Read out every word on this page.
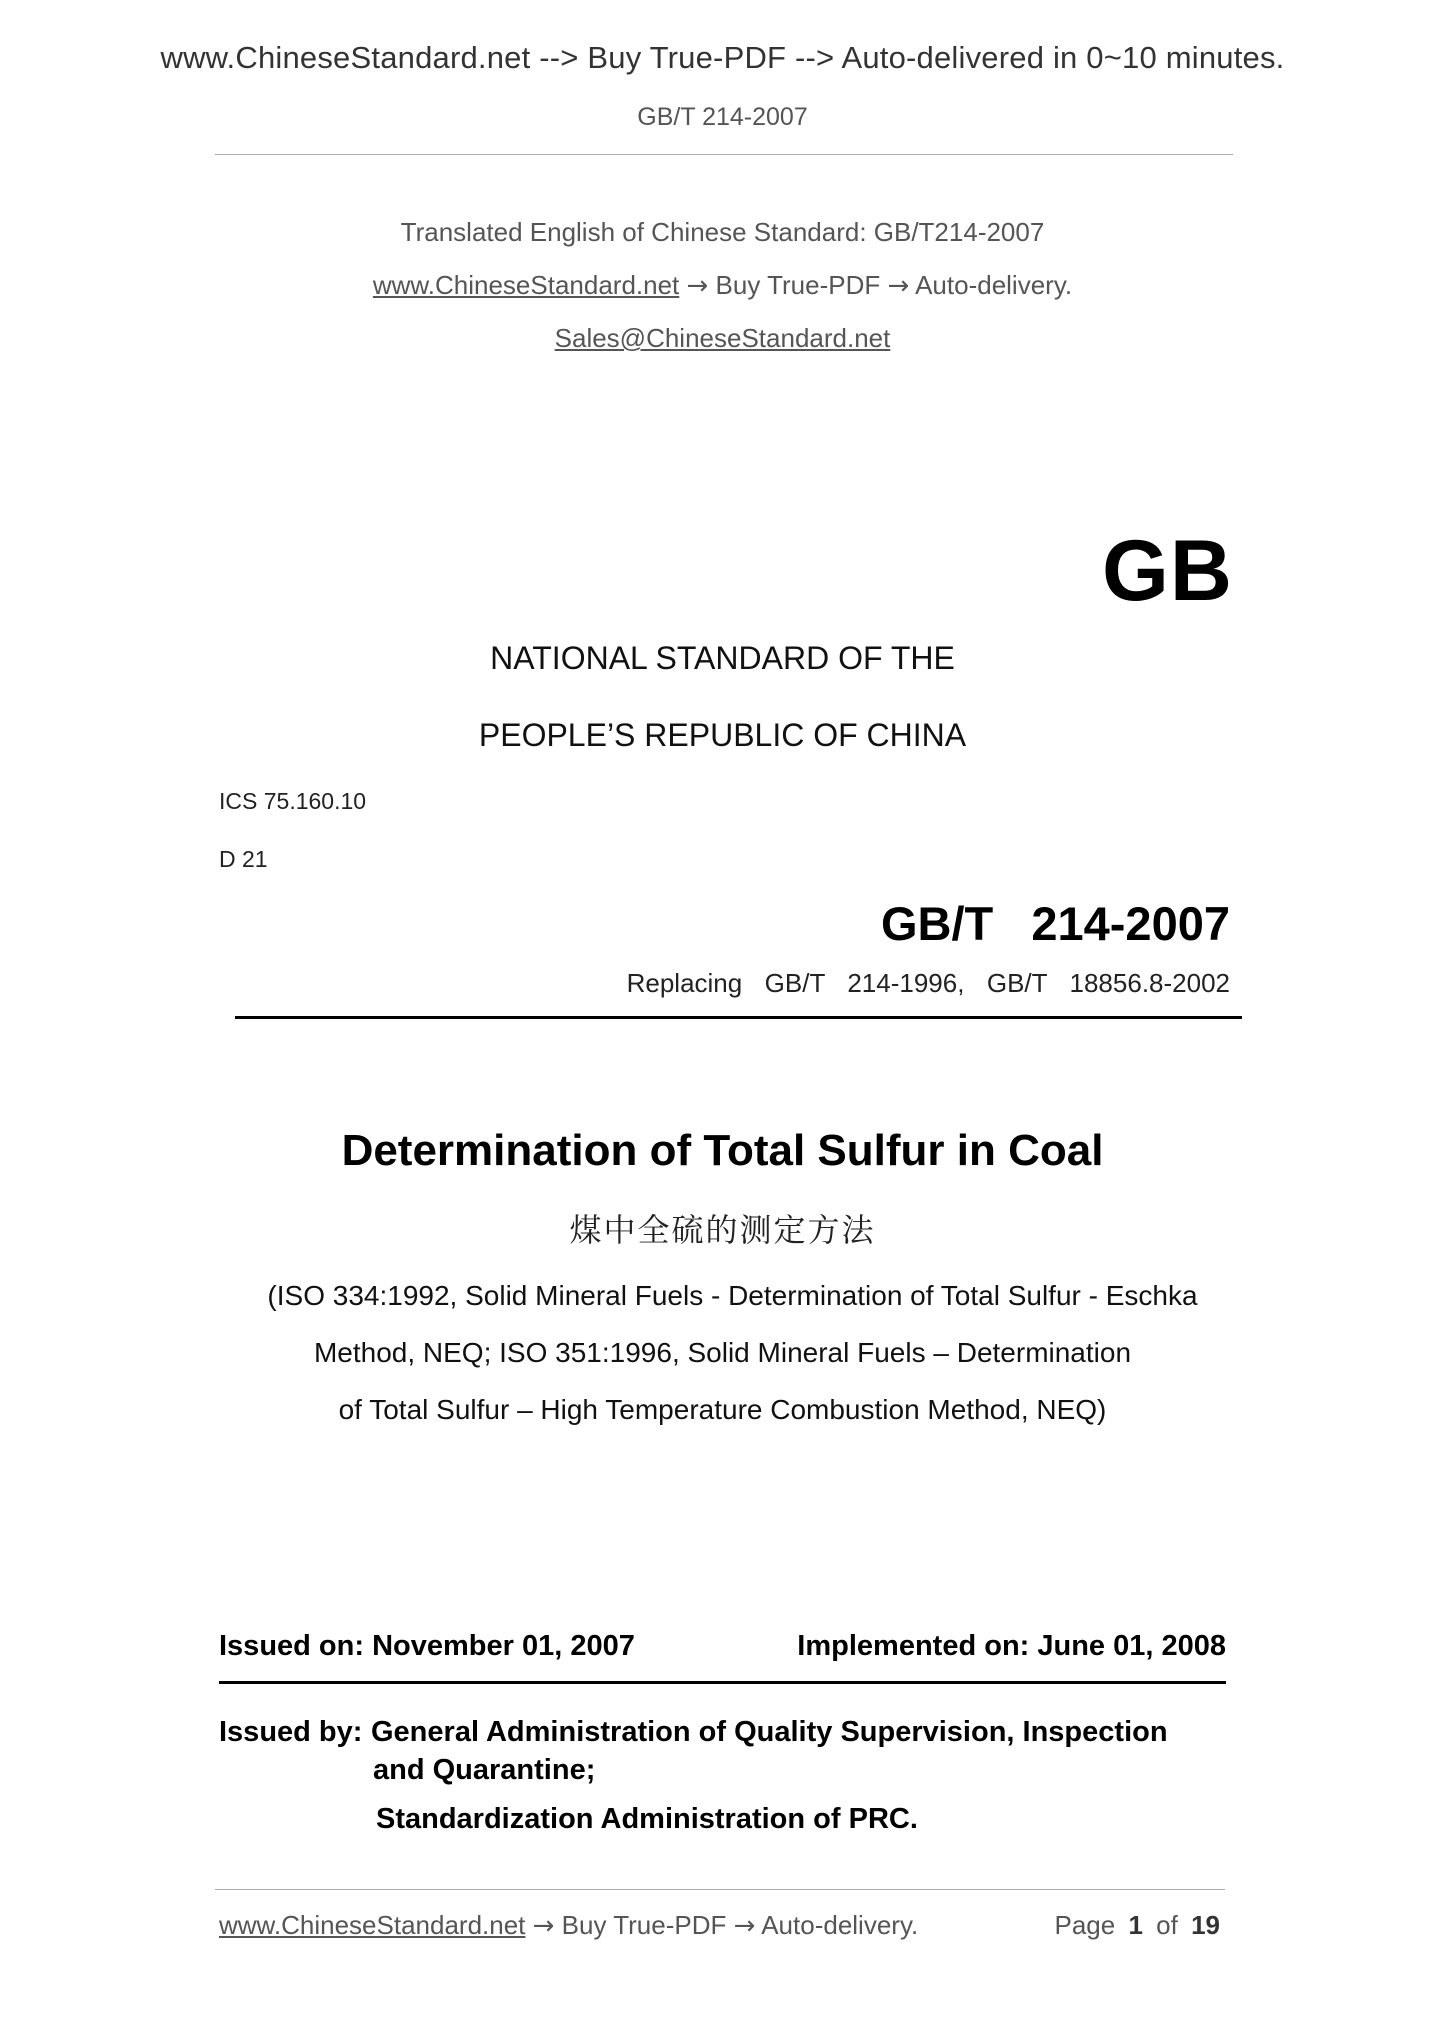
www.ChineseStandard.net --> Buy True-PDF --> Auto-delivered in 0~10 minutes.
GB/T 214-2007
Translated English of Chinese Standard: GB/T214-2007
www.ChineseStandard.net → Buy True-PDF → Auto-delivery.
Sales@ChineseStandard.net
GB
NATIONAL STANDARD OF THE
PEOPLE’S REPUBLIC OF CHINA
ICS 75.160.10
D 21
GB/T  214-2007
Replacing  GB/T  214-1996,  GB/T  18856.8-2002
Determination of Total Sulfur in Coal
煤中全硫的测定方法
(ISO 334:1992, Solid Mineral Fuels - Determination of Total Sulfur - Eschka
Method, NEQ; ISO 351:1996, Solid Mineral Fuels – Determination
of Total Sulfur – High Temperature Combustion Method, NEQ)
Issued on: November 01, 2007	Implemented on: June 01, 2008
Issued by: General Administration of Quality Supervision, Inspection
and Quarantine;
Standardization Administration of PRC.
www.ChineseStandard.net → Buy True-PDF → Auto-delivery.	Page 1 of 19
